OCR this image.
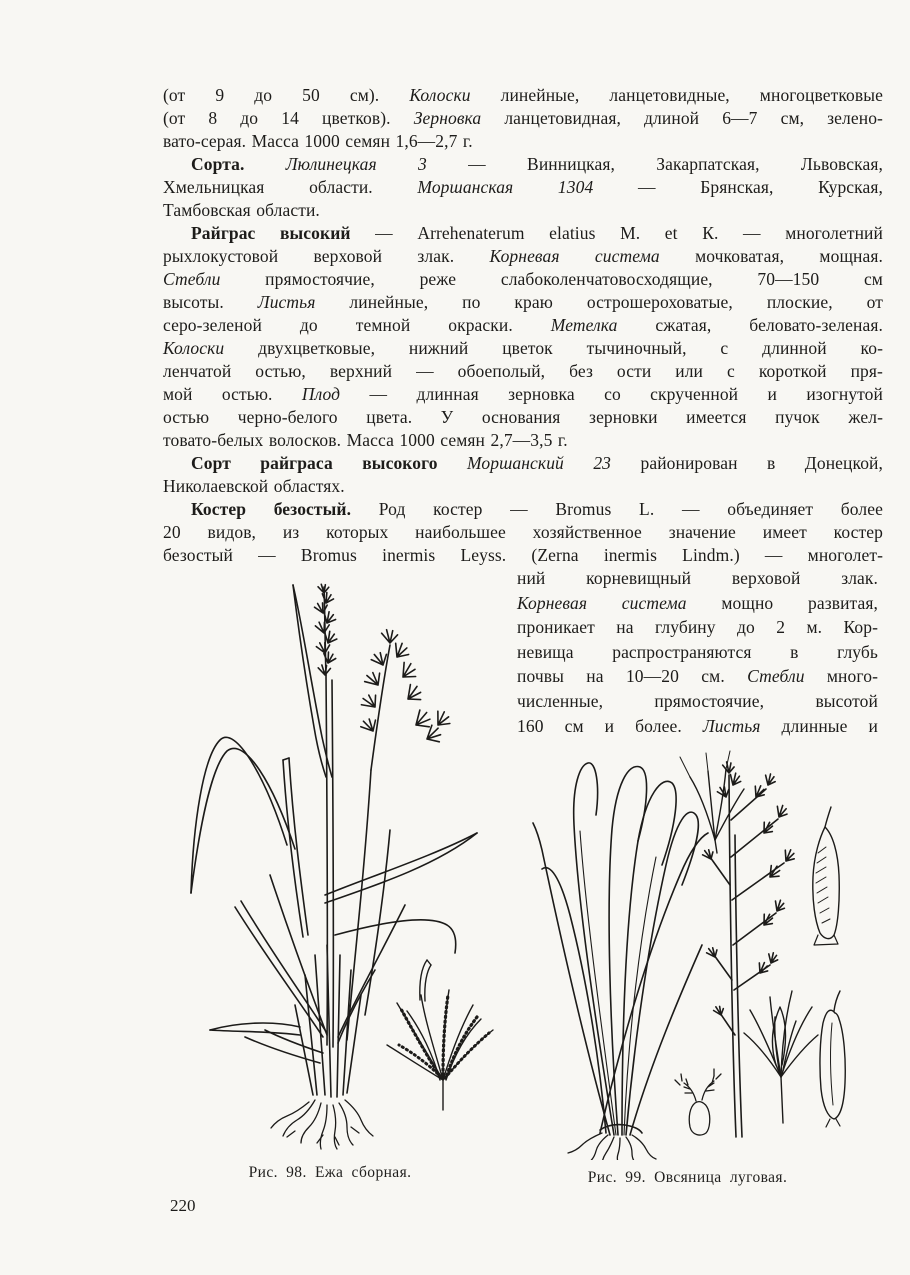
(от 9 до 50 см). Колоски линейные, ланцетовидные, многоцветковые
(от 8 до 14 цветков). Зерновка ланцетовидная, длиной 6—7 см, зелено-
вато-серая. Масса 1000 семян 1,6—2,7 г.
Сорта. Люлинецкая 3 — Винницкая, Закарпатская, Львовская,
Хмельницкая области. Моршанская 1304 — Брянская, Курская,
Тамбовская области.
Райграс высокий — Arrehenaterum elatius М. et К. — многолетний
рыхлокустовой верховой злак. Корневая система мочковатая, мощная.
Стебли прямостоячие, реже слабоколенчатовосходящие, 70—150 см
высоты. Листья линейные, по краю острошероховатые, плоские, от
серо-зеленой до темной окраски. Метелка сжатая, беловато-зеленая.
Колоски двухцветковые, нижний цветок тычиночный, с длинной ко-
ленчатой остью, верхний — обоеполый, без ости или с короткой пря-
мой остью. Плод — длинная зерновка со скрученной и изогнутой
остью черно-белого цвета. У основания зерновки имеется пучок жел-
товато-белых волосков. Масса 1000 семян 2,7—3,5 г.
Сорт райграса высокого Моршанский 23 районирован в Донецкой,
Николаевской областях.
Костер безостый. Род костер — Bromus L. — объединяет более
20 видов, из которых наибольшее хозяйственное значение имеет костер
безостый — Bromus inermis Leyss. (Zerna inermis Lindm.) — многолет-
ний корневищный верховой злак.
Корневая система мощно развитая,
проникает на глубину до 2 м. Кор-
невища распространяются в глубь
почвы на 10—20 см. Стебли много-
численные, прямостоячие, высотой
160 см и более. Листья длинные и
Рис. 98. Ежа сборная.	Рис. 99. Овсяница луговая.
220
